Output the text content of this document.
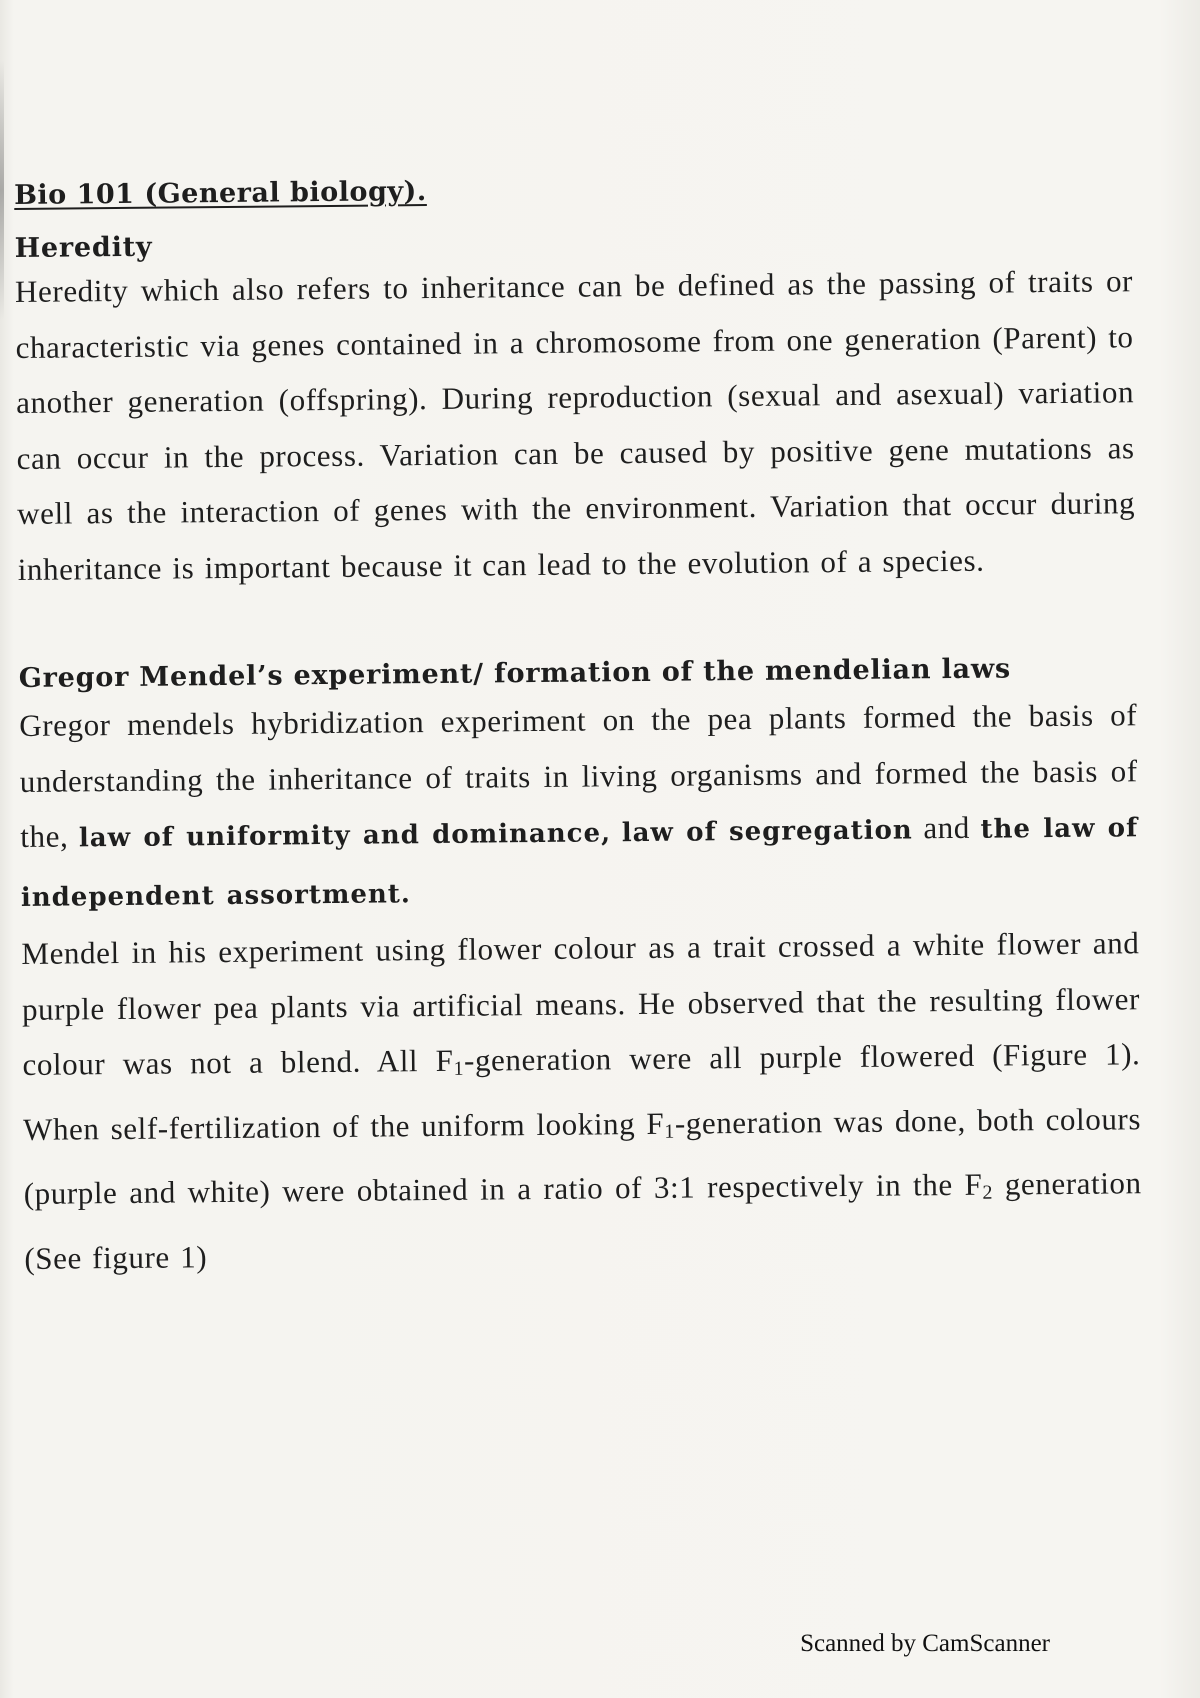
Bio 101 (General biology).
Heredity

Heredity which also refers to inheritance can be defined as the passing of traits or characteristic via genes contained in a chromosome from one generation (Parent) to another generation (offspring). During reproduction (sexual and asexual) variation can occur in the process. Variation can be caused by positive gene mutations as well as the interaction of genes with the environment. Variation that occur during inheritance is important because it can lead to the evolution of a species.

Gregor Mendel’s experiment/ formation of the mendelian laws

Gregor mendels hybridization experiment on the pea plants formed the basis of understanding the inheritance of traits in living organisms and formed the basis of the, law of uniformity and dominance, law of segregation and the law of independent assortment.

Mendel in his experiment using flower colour as a trait crossed a white flower and purple flower pea plants via artificial means. He observed that the resulting flower colour was not a blend. All $F_1$-generation were all purple flowered (Figure 1). When self-fertilization of the uniform looking $F_1$-generation was done, both colours (purple and white) were obtained in a ratio of 3:1 respectively in the $F_2$ generation (See figure 1)

Scanned by CamScanner
